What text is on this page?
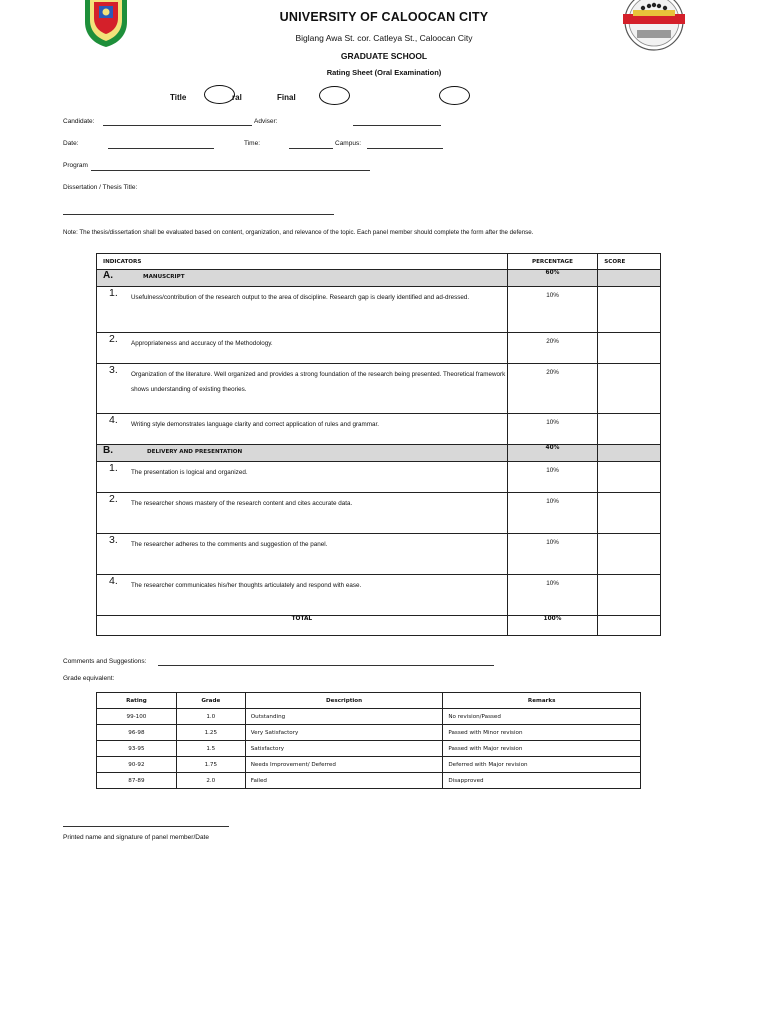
UNIVERSITY OF CALOOCAN CITY
Biglang Awa St. cor. Catleya St., Caloocan City
GRADUATE SCHOOL
Rating Sheet (Oral Examination)
Title	ral	Final
Candidate:	Adviser:
Date:	Time:	Campus:
Program
Dissertation / Thesis Title:
Note: The thesis/dissertation shall be evaluated based on content, organization, and relevance of the topic. Each panel member should complete the form after the defense.
INDICATORS	PERCENTAGE	SCORE
A. MANUSCRIPT	60%	
1. Usefulness/contribution of the research output to the area of discipline. Research gap is clearly identified and ad-dressed.	10%	
2. Appropriateness and accuracy of the Methodology.	20%	
3. Organization of the literature. Well organized and provides a strong foundation of the research being presented. Theoretical framework shows understanding of existing theories.	20%	
4. Writing style demonstrates language clarity and correct application of rules and grammar.	10%	
B. DELIVERY AND PRESENTATION	40%	
1. The presentation is logical and organized.	10%	
2. The researcher shows mastery of the research content and cites accurate data.	10%	
3. The researcher adheres to the comments and suggestion of the panel.	10%	
4. The researcher communicates his/her thoughts articulately and respond with ease.	10%	
TOTAL	100%	
Comments and Suggestions:
Grade equivalent:
Rating	Grade	Description	Remarks
99-100	1.0	Outstanding	No revision/Passed
96-98	1.25	Very Satisfactory	Passed with Minor revision
93-95	1.5	Satisfactory	Passed with Major revision
90-92	1.75	Needs Improvement/ Deferred	Deferred with Major revision
87-89	2.0	Failed	Disapproved
Printed name and signature of panel member/Date
